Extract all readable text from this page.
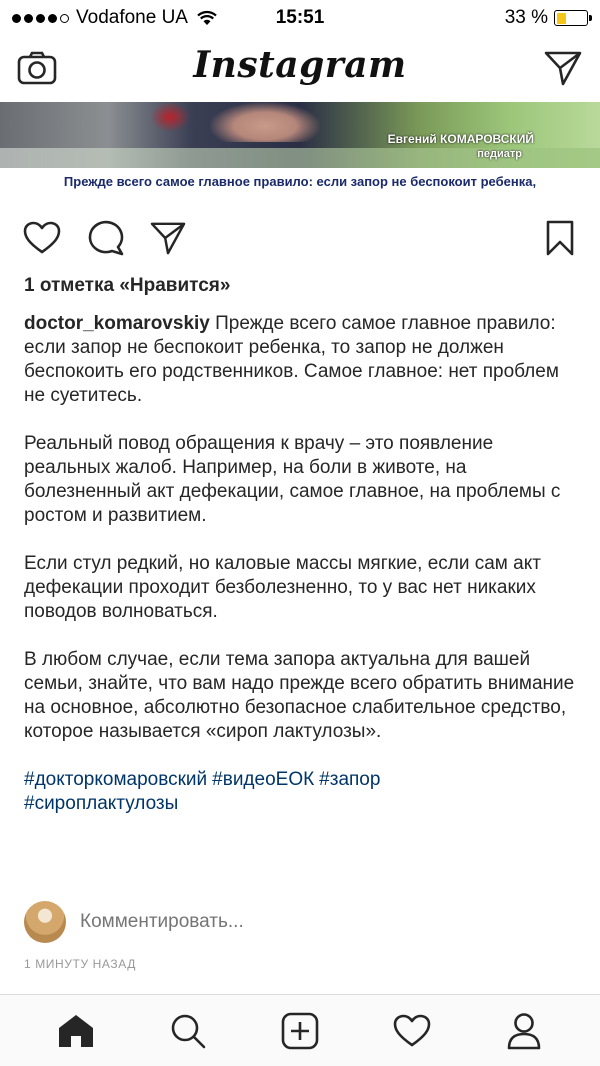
Vodafone UA	15:51	33 %
Instagram
Евгений КОМАРОВСКИЙ
педиатр
Прежде всего самое главное правило: если запор не беспокоит ребенка,
1 отметка «Нравится»

doctor_komarovskiy Прежде всего самое главное правило: если запор не беспокоит ребенка, то запор не должен беспокоить его родственников. Самое главное: нет проблем не суетитесь.

Реальный повод обращения к врачу – это появление реальных жалоб. Например, на боли в животе, на болезненный акт дефекации, самое главное, на проблемы с ростом и развитием.

Если стул редкий, но каловые массы мягкие, если сам акт дефекации проходит безболезненно, то у вас нет никаких поводов волноваться.

В любом случае, если тема запора актуальна для вашей семьи, знайте, что вам надо прежде всего обратить внимание на основное, абсолютно безопасное слабительное средство, которое называется «сироп лактулозы».

#докторкомаровский #видеоЕОК #запор
#сироплактулозы

Комментировать...
1 МИНУТУ НАЗАД
